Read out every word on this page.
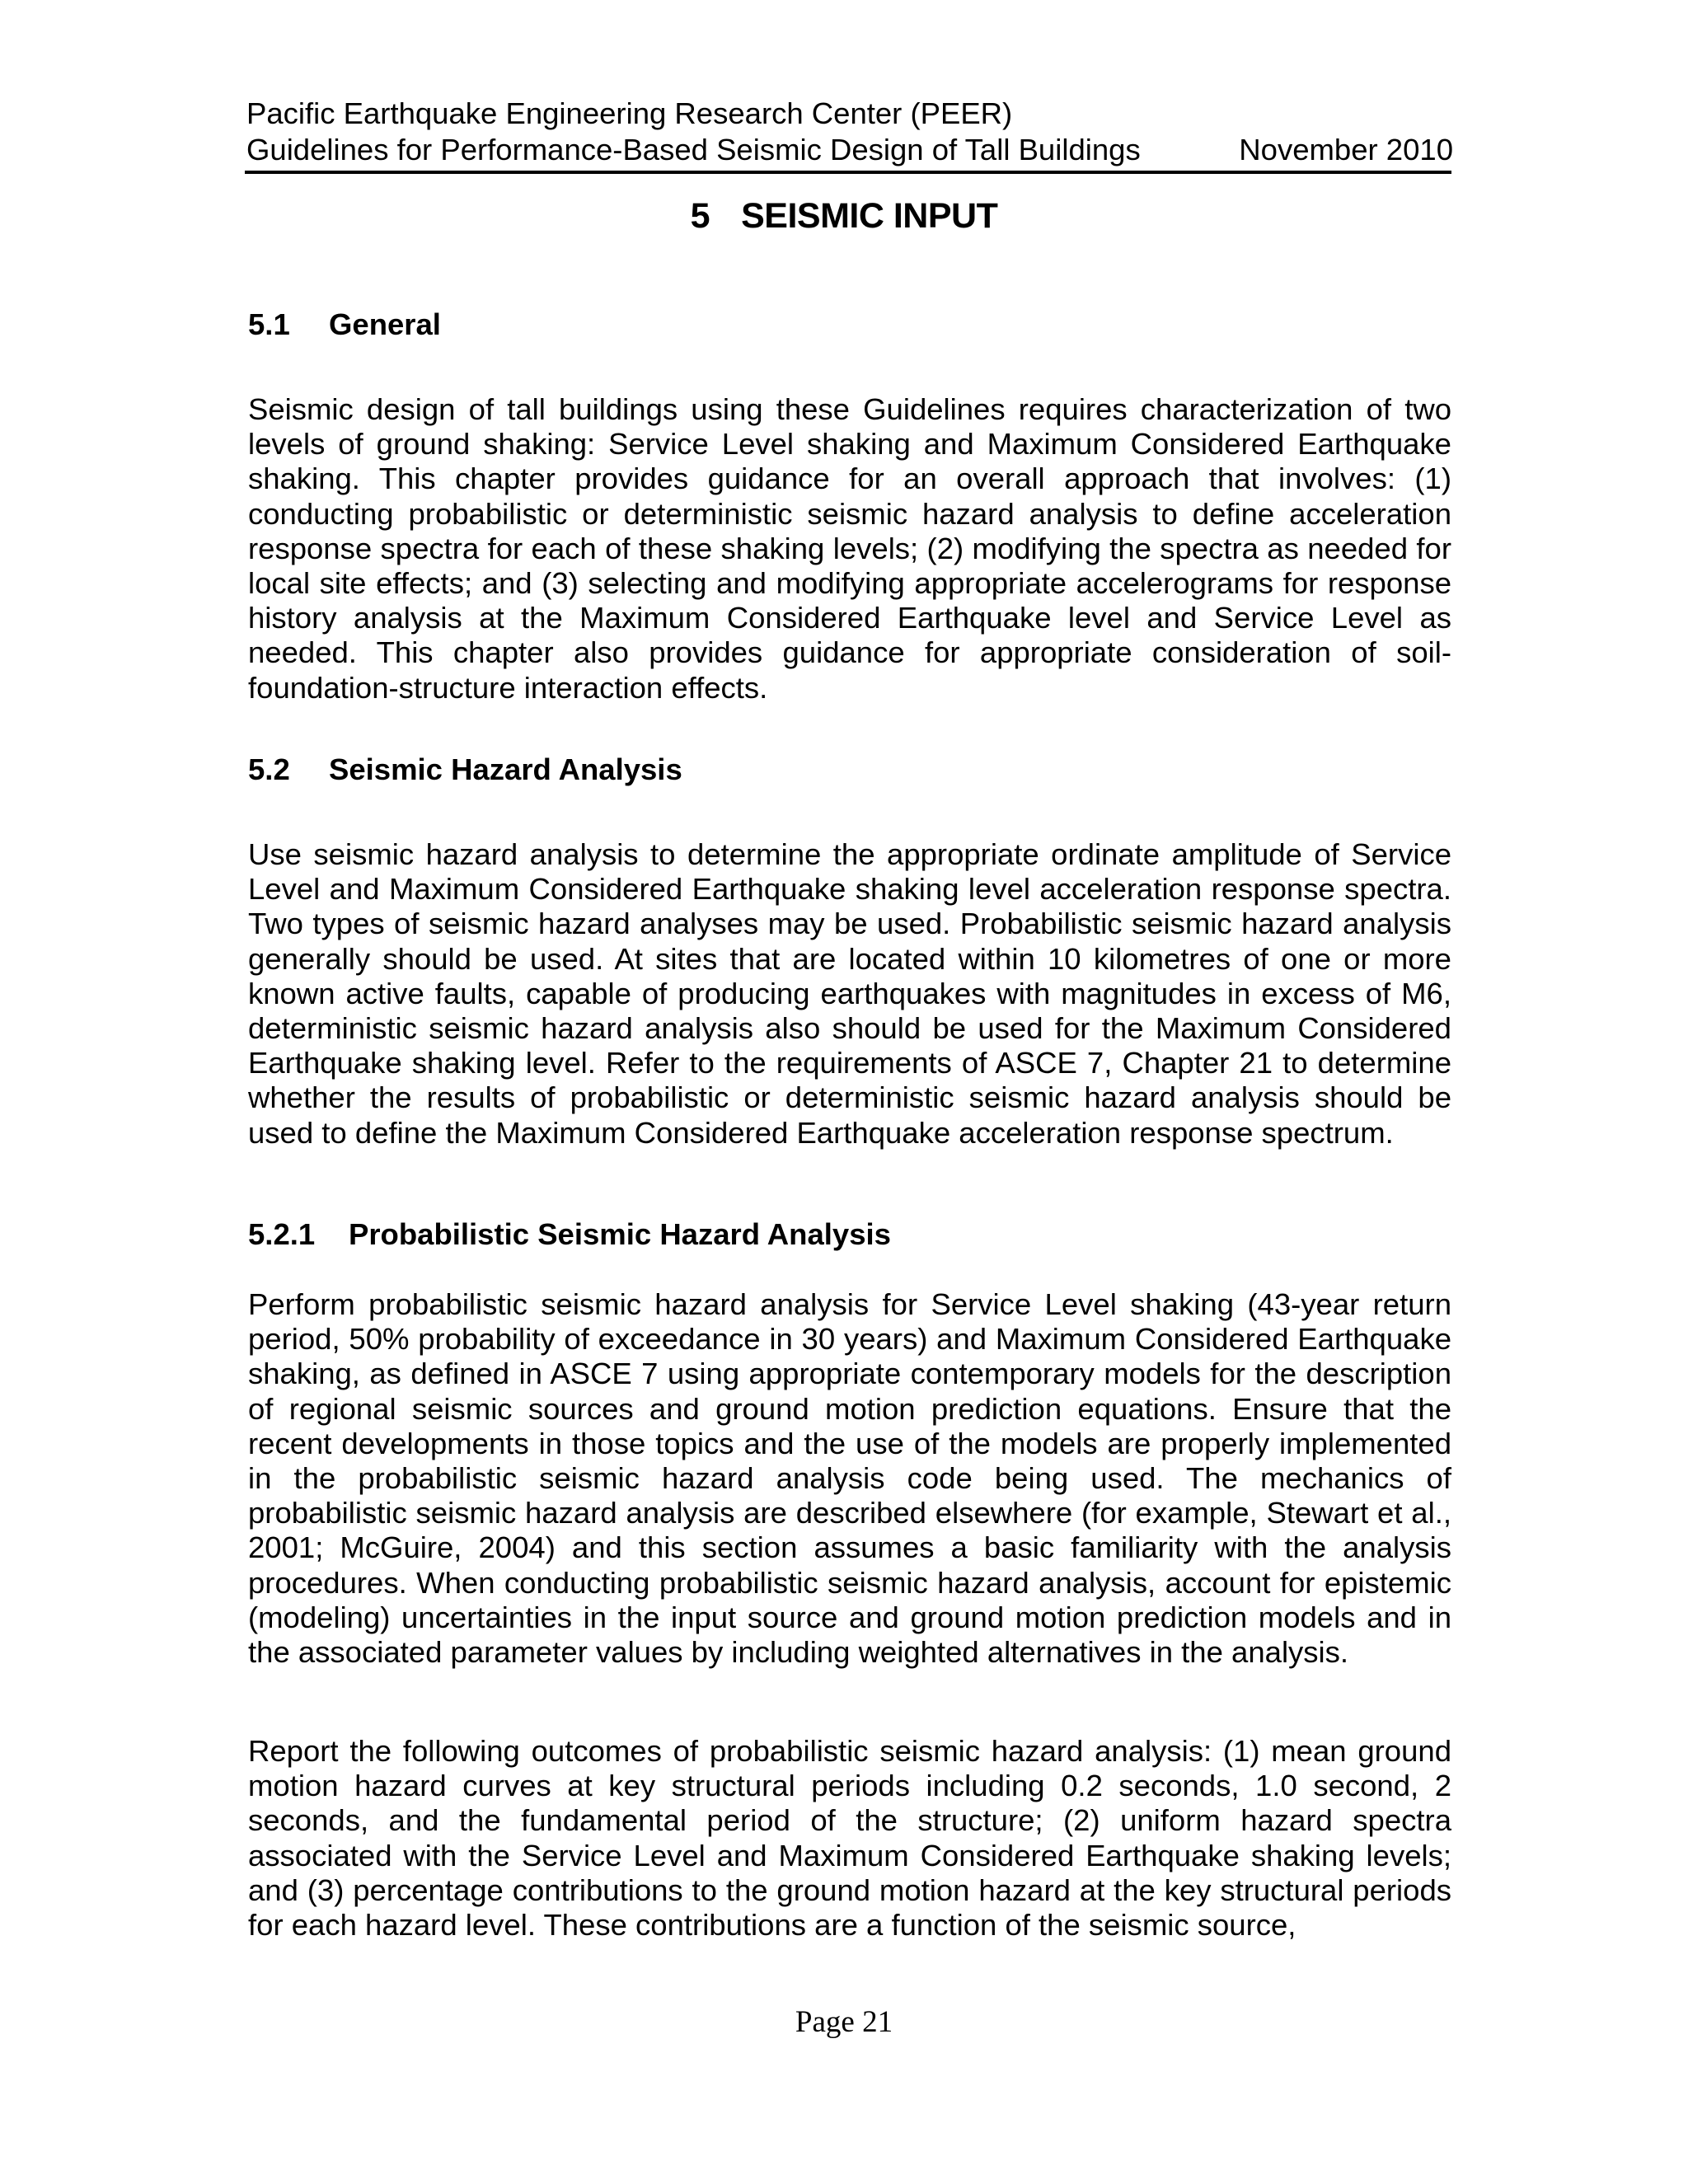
Pacific Earthquake Engineering Research Center (PEER)
Guidelines for Performance-Based Seismic Design of Tall Buildings	November 2010
5 SEISMIC INPUT
5.1 General

Seismic design of tall buildings using these Guidelines requires characterization of two levels of ground shaking: Service Level shaking and Maximum Considered Earthquake shaking. This chapter provides guidance for an overall approach that involves: (1) conducting probabilistic or deterministic seismic hazard analysis to define acceleration response spectra for each of these shaking levels; (2) modifying the spectra as needed for local site effects; and (3) selecting and modifying appropriate accelerograms for response history analysis at the Maximum Considered Earthquake level and Service Level as needed. This chapter also provides guidance for appropriate consideration of soil-foundation-structure interaction effects.

5.2 Seismic Hazard Analysis

Use seismic hazard analysis to determine the appropriate ordinate amplitude of Service Level and Maximum Considered Earthquake shaking level acceleration response spectra. Two types of seismic hazard analyses may be used. Probabilistic seismic hazard analysis generally should be used. At sites that are located within 10 kilometres of one or more known active faults, capable of producing earthquakes with magnitudes in excess of M6, deterministic seismic hazard analysis also should be used for the Maximum Considered Earthquake shaking level. Refer to the requirements of ASCE 7, Chapter 21 to determine whether the results of probabilistic or deterministic seismic hazard analysis should be used to define the Maximum Considered Earthquake acceleration response spectrum.

5.2.1 Probabilistic Seismic Hazard Analysis

Perform probabilistic seismic hazard analysis for Service Level shaking (43-year return period, 50% probability of exceedance in 30 years) and Maximum Considered Earthquake shaking, as defined in ASCE 7 using appropriate contemporary models for the description of regional seismic sources and ground motion prediction equations. Ensure that the recent developments in those topics and the use of the models are properly implemented in the probabilistic seismic hazard analysis code being used. The mechanics of probabilistic seismic hazard analysis are described elsewhere (for example, Stewart et al., 2001; McGuire, 2004) and this section assumes a basic familiarity with the analysis procedures. When conducting probabilistic seismic hazard analysis, account for epistemic (modeling) uncertainties in the input source and ground motion prediction models and in the associated parameter values by including weighted alternatives in the analysis.

Report the following outcomes of probabilistic seismic hazard analysis: (1) mean ground motion hazard curves at key structural periods including 0.2 seconds, 1.0 second, 2 seconds, and the fundamental period of the structure; (2) uniform hazard spectra associated with the Service Level and Maximum Considered Earthquake shaking levels; and (3) percentage contributions to the ground motion hazard at the key structural periods for each hazard level. These contributions are a function of the seismic source,

Page 21
